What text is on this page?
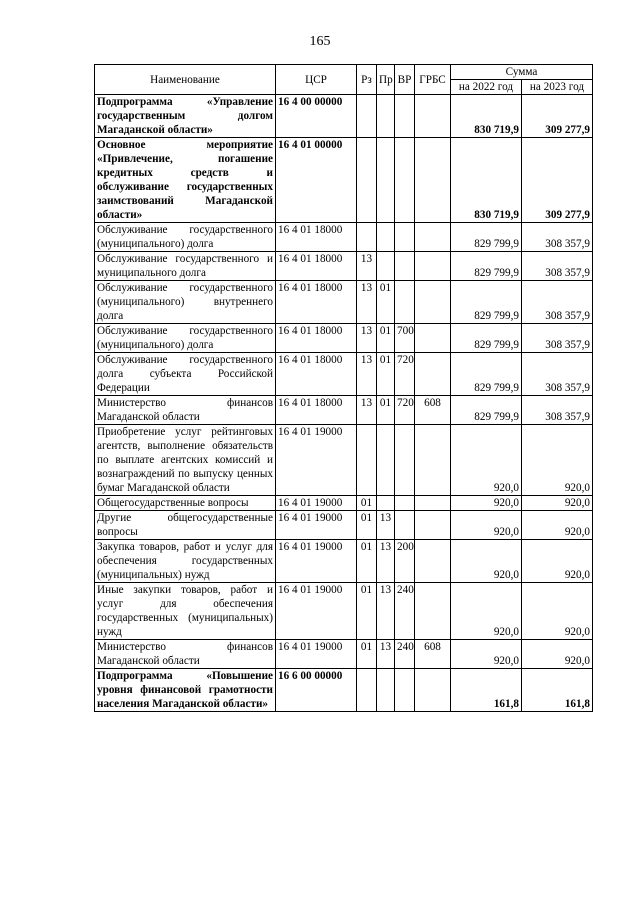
165
Наименование	ЦСР	Рз	Пр	ВР	ГРБС	Сумма	
						на 2022 год	на 2023 год
Подпрограмма «Управление государственным долгом Магаданской области»	16 4 00 00000					830 719,9	309 277,9
Основное мероприятие «Привлечение, погашение кредитных средств и обслуживание государственных заимствований Магаданской области»	16 4 01 00000					830 719,9	309 277,9
Обслуживание государственного (муниципального) долга	16 4 01 18000					829 799,9	308 357,9
Обслуживание государственного и муниципального долга	16 4 01 18000	13				829 799,9	308 357,9
Обслуживание государственного (муниципального) внутреннего долга	16 4 01 18000	13	01			829 799,9	308 357,9
Обслуживание государственного (муниципального) долга	16 4 01 18000	13	01	700		829 799,9	308 357,9
Обслуживание государственного долга субъекта Российской Федерации	16 4 01 18000	13	01	720		829 799,9	308 357,9
Министерство финансов Магаданской области	16 4 01 18000	13	01	720	608	829 799,9	308 357,9
Приобретение услуг рейтинговых агентств, выполнение обязательств по выплате агентских комиссий и вознаграждений по выпуску ценных бумаг Магаданской области	16 4 01 19000					920,0	920,0
Общегосударственные вопросы	16 4 01 19000	01				920,0	920,0
Другие общегосударственные вопросы	16 4 01 19000	01	13			920,0	920,0
Закупка товаров, работ и услуг для обеспечения государственных (муниципальных) нужд	16 4 01 19000	01	13	200		920,0	920,0
Иные закупки товаров, работ и услуг для обеспечения государственных (муниципальных) нужд	16 4 01 19000	01	13	240		920,0	920,0
Министерство финансов Магаданской области	16 4 01 19000	01	13	240	608	920,0	920,0
Подпрограмма «Повышение уровня финансовой грамотности населения Магаданской области»	16 6 00 00000					161,8	161,8
